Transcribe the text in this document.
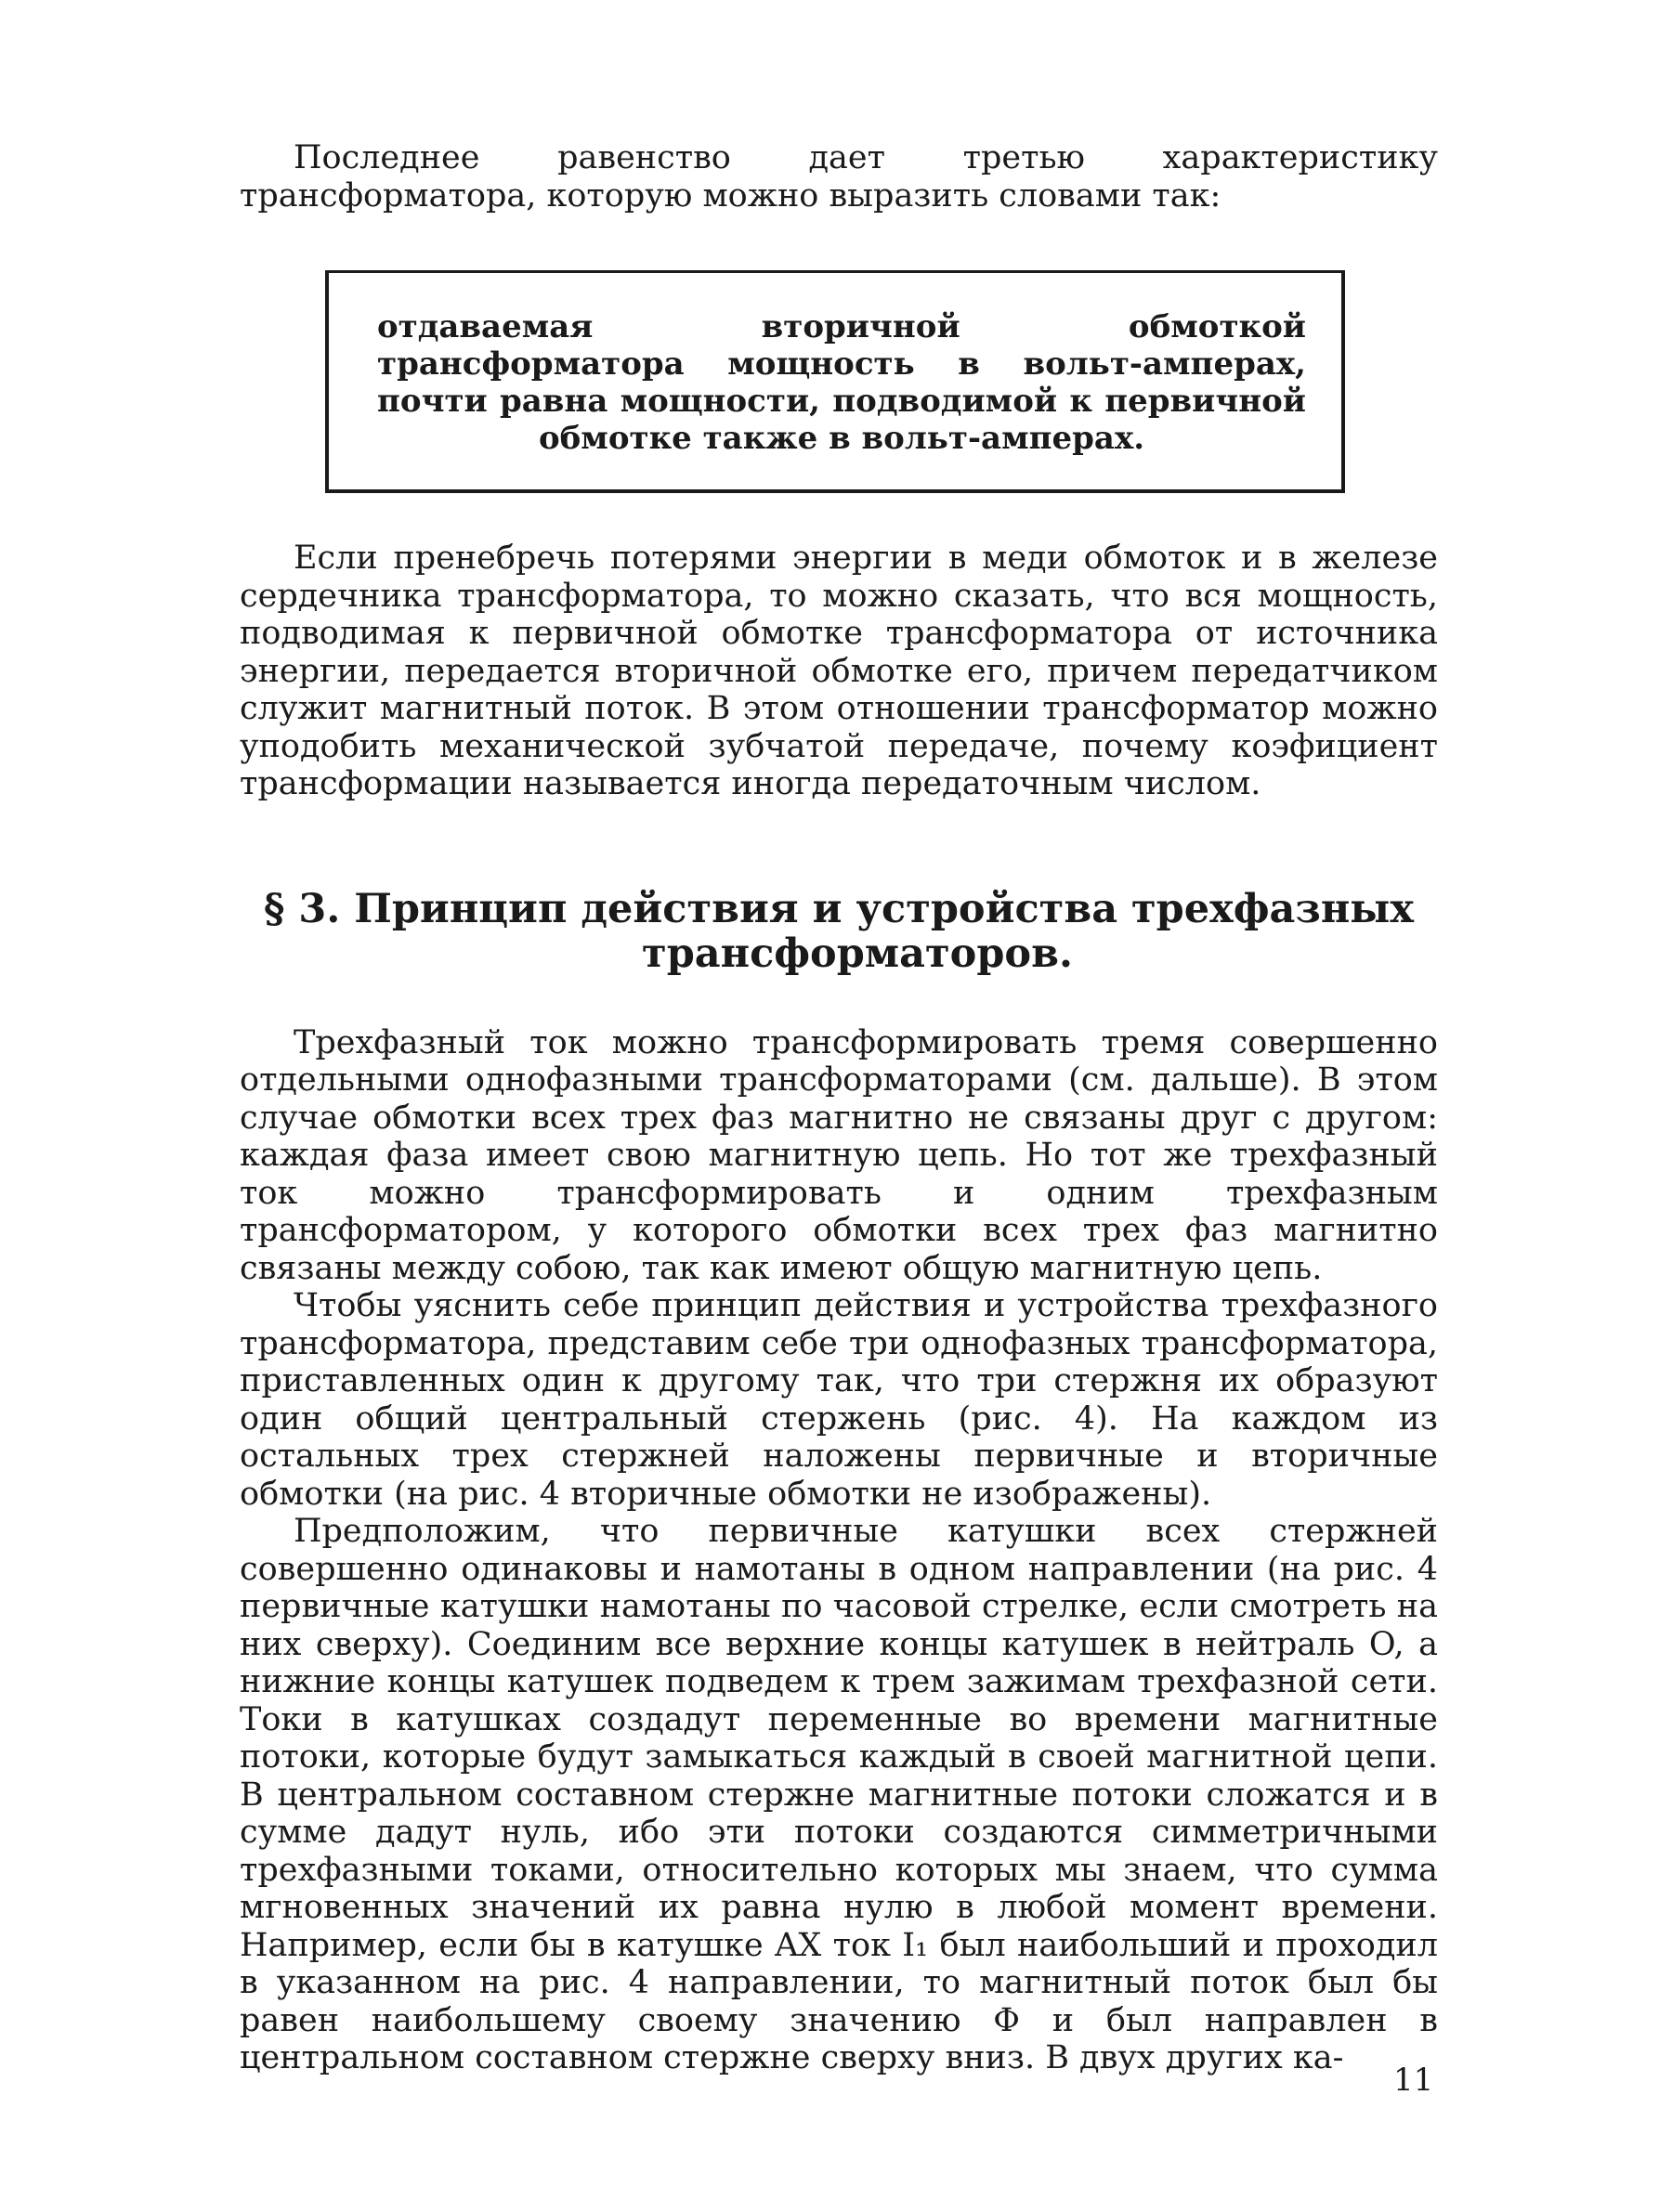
Последнее равенство дает третью характеристику трансформатора, которую можно выразить словами так:

отдаваемая вторичной обмоткой трансформатора мощность в вольт-амперах, почти равна мощности, подводимой к первичной обмотке также в вольт-амперах.

Если пренебречь потерями энергии в меди обмоток и в железе сердечника трансформатора, то можно сказать, что вся мощность, подводимая к первичной обмотке трансформатора от источника энергии, передается вторичной обмотке его, причем передатчиком служит магнитный поток. В этом отношении трансформатор можно уподобить механической зубчатой передаче, почему коэфициент трансформации называется иногда передаточным числом.

§ 3. Принцип действия и устройства трехфазных
трансформаторов.

Трехфазный ток можно трансформировать тремя совершенно отдельными однофазными трансформаторами (см. дальше). В этом случае обмотки всех трех фаз магнитно не связаны друг с другом: каждая фаза имеет свою магнитную цепь. Но тот же трехфазный ток можно трансформировать и одним трехфазным трансформатором, у которого обмотки всех трех фаз магнитно связаны между собою, так как имеют общую магнитную цепь.

Чтобы уяснить себе принцип действия и устройства трехфазного трансформатора, представим себе три однофазных трансформатора, приставленных один к другому так, что три стержня их образуют один общий центральный стержень (рис. 4). На каждом из остальных трех стержней наложены первичные и вторичные обмотки (на рис. 4 вторичные обмотки не изображены).

Предположим, что первичные катушки всех стержней совершенно одинаковы и намотаны в одном направлении (на рис. 4 первичные катушки намотаны по часовой стрелке, если смотреть на них сверху). Соединим все верхние концы катушек в нейтраль O, а нижние концы катушек подведем к трем зажимам трехфазной сети. Токи в катушках создадут переменные во времени магнитные потоки, которые будут замыкаться каждый в своей магнитной цепи. В центральном составном стержне магнитные потоки сложатся и в сумме дадут нуль, ибо эти потоки создаются симметричными трехфазными токами, относительно которых мы знаем, что сумма мгновенных значений их равна нулю в любой момент времени. Например, если бы в катушке AX ток I₁ был наибольший и проходил в указанном на рис. 4 направлении, то магнитный поток был бы равен наибольшему своему значению Φ и был направлен в центральном составном стержне сверху вниз. В двух других ка-

11
